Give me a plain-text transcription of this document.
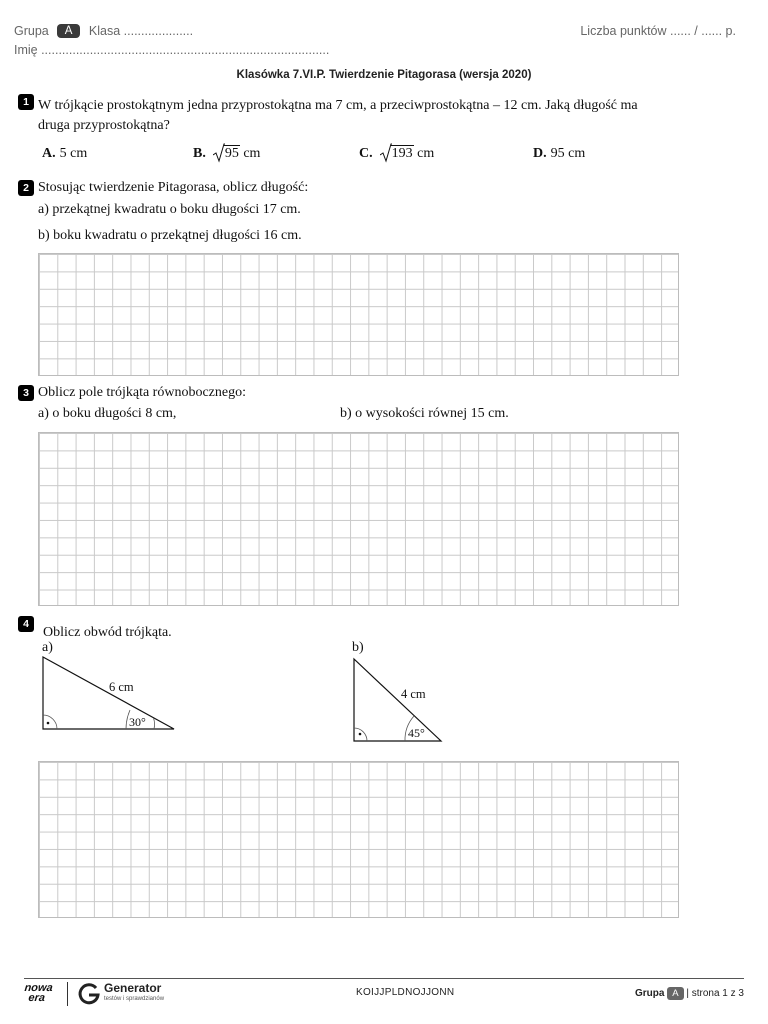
Grupa A Klasa ....................	Liczba punktów ...... / ...... p.
Imię ...................................................................................
Klasówka 7.VI.P. Twierdzenie Pitagorasa (wersja 2020)
1 W trójkącie prostokątnym jedna przyprostokątna ma 7 cm, a przeciwprostokątna – 12 cm. Jaką długość ma
druga przyprostokątna?
A. 5 cm	B. 95 cm	C. 193 cm	D. 95 cm
2 Stosując twierdzenie Pitagorasa, oblicz długość:
a) przekątnej kwadratu o boku długości 17 cm.
b) boku kwadratu o przekątnej długości 16 cm.
3 Oblicz pole trójkąta równobocznego:
a) o boku długości 8 cm,	b) o wysokości równej 15 cm.
4
Oblicz obwód trójkąta.
a)	b)
6 cm
30°
4 cm
45°
nowa
era
Generator
testów i sprawdzianów
KOIJJPLDNOJJONN	Grupa A | strona 1 z 3
